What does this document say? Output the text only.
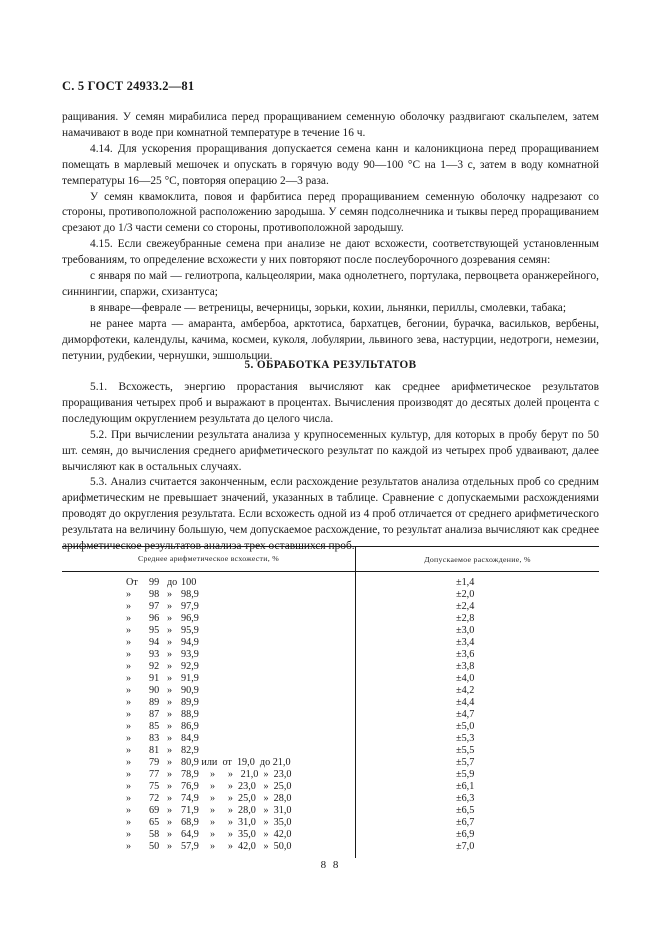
С. 5 ГОСТ 24933.2—81

ращивания. У семян мирабилиса перед проращиванием семенную оболочку раздвигают скальпелем, затем намачивают в воде при комнатной температуре в течение 16 ч.

4.14. Для ускорения проращивания допускается семена канн и калоникциона перед проращиванием помещать в марлевый мешочек и опускать в горячую воду 90—100 °С на 1—3 с, затем в воду комнатной температуры 16—25 °С, повторяя операцию 2—3 раза.

У семян квамоклита, повоя и фарбитиса перед проращиванием семенную оболочку надрезают со стороны, противоположной расположению зародыша. У семян подсолнечника и тыквы перед проращиванием срезают до 1/3 части семени со стороны, противоположной зародышу.

4.15. Если свежеубранные семена при анализе не дают всхожести, соответствующей установленным требованиям, то определение всхожести у них повторяют после послеуборочного дозревания семян:

с января по май — гелиотропа, кальцеолярии, мака однолетнего, портулака, первоцвета оранжерейного, синнингии, спаржи, схизантуса;

в январе—феврале — ветреницы, вечерницы, зорьки, кохии, льнянки, периллы, смолевки, табака;

не ранее марта — амаранта, амбербоа, арктотиса, бархатцев, бегонии, бурачка, васильков, вербены, диморфотеки, календулы, качима, космеи, куколя, лобулярии, львиного зева, настурции, недотроги, немезии, петунии, рудбекии, чернушки, эшшольции.

5. ОБРАБОТКА РЕЗУЛЬТАТОВ

5.1. Всхожесть, энергию прорастания вычисляют как среднее арифметическое результатов проращивания четырех проб и выражают в процентах. Вычисления производят до десятых долей процента с последующим округлением результата до целого числа.

5.2. При вычислении результата анализа у крупносеменных культур, для которых в пробу берут по 50 шт. семян, до вычисления среднего арифметического результат по каждой из четырех проб удваивают, далее вычисляют как в остальных случаях.

5.3. Анализ считается законченным, если расхождение результатов анализа отдельных проб со средним арифметическим не превышает значений, указанных в таблице. Сравнение с допускаемыми расхождениями проводят до округления результата. Если всхожесть одной из 4 проб отличается от среднего арифметического результата на величину большую, чем допускаемое расхождение, то результат анализа вычисляют как среднее арифметическое результатов анализа трех оставшихся проб.

Среднее арифметическое всхожести, %	Допускаемое расхождение, %
От 99 до 100	±1,4
» 98 » 98,9	±2,0
» 97 » 97,9	±2,4
» 96 » 96,9	±2,8
» 95 » 95,9	±3,0
» 94 » 94,9	±3,4
» 93 » 93,9	±3,6
» 92 » 92,9	±3,8
» 91 » 91,9	±4,0
» 90 » 90,9	±4,2
» 89 » 89,9	±4,4
» 87 » 88,9	±4,7
» 85 » 86,9	±5,0
» 83 » 84,9	±5,3
» 81 » 82,9	±5,5
» 79 » 80,9 или  от  19,0  до 21,0	±5,7
» 77 » 78,9 »     »   21,0  »  23,0	±5,9
» 75 » 76,9 »     »  23,0   »  25,0	±6,1
» 72 » 74,9 »     »  25,0   »  28,0	±6,3
» 69 » 71,9 »     »  28,0   »  31,0	±6,5
» 65 » 68,9 »     »  31,0   »  35,0	±6,7
» 58 » 64,9 »     »  35,0   »  42,0	±6,9
» 50 » 57,9 »     »  42,0   »  50,0	±7,0
8 8
